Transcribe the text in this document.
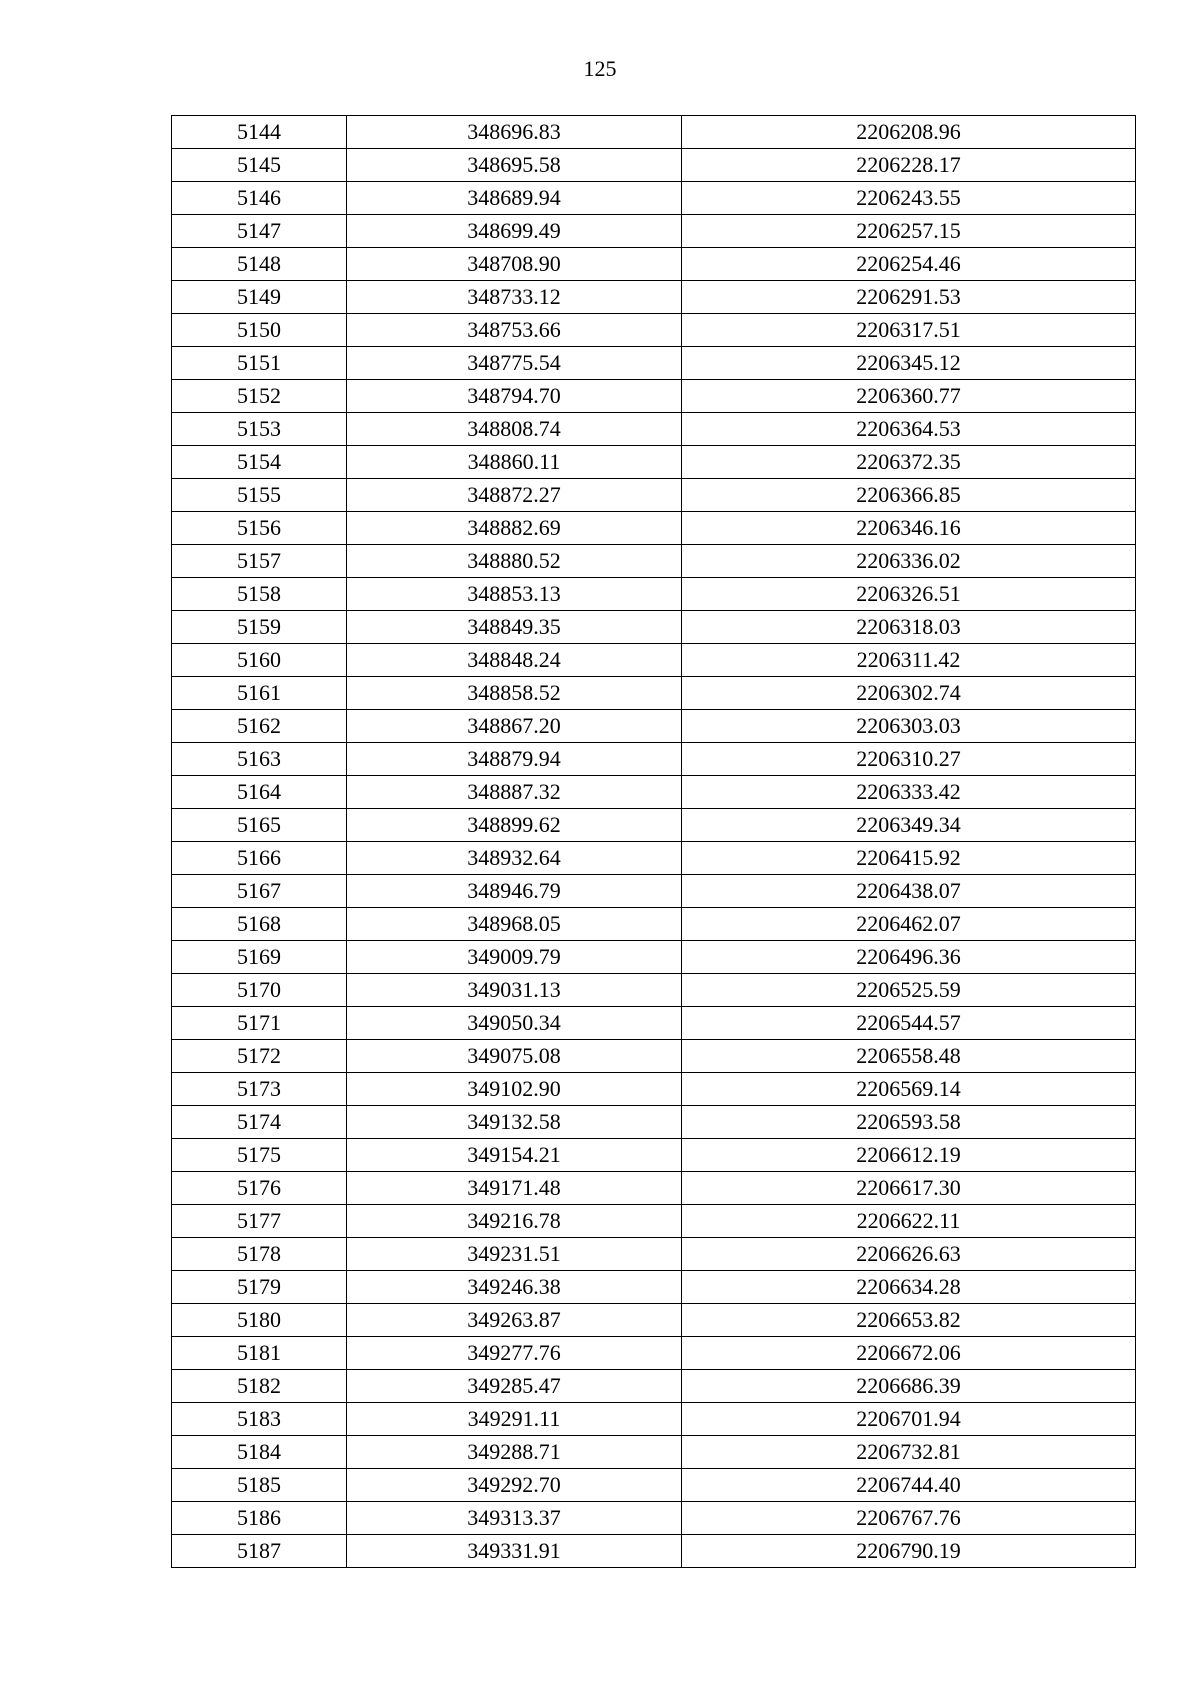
125
5144	348696.83	2206208.96
5145	348695.58	2206228.17
5146	348689.94	2206243.55
5147	348699.49	2206257.15
5148	348708.90	2206254.46
5149	348733.12	2206291.53
5150	348753.66	2206317.51
5151	348775.54	2206345.12
5152	348794.70	2206360.77
5153	348808.74	2206364.53
5154	348860.11	2206372.35
5155	348872.27	2206366.85
5156	348882.69	2206346.16
5157	348880.52	2206336.02
5158	348853.13	2206326.51
5159	348849.35	2206318.03
5160	348848.24	2206311.42
5161	348858.52	2206302.74
5162	348867.20	2206303.03
5163	348879.94	2206310.27
5164	348887.32	2206333.42
5165	348899.62	2206349.34
5166	348932.64	2206415.92
5167	348946.79	2206438.07
5168	348968.05	2206462.07
5169	349009.79	2206496.36
5170	349031.13	2206525.59
5171	349050.34	2206544.57
5172	349075.08	2206558.48
5173	349102.90	2206569.14
5174	349132.58	2206593.58
5175	349154.21	2206612.19
5176	349171.48	2206617.30
5177	349216.78	2206622.11
5178	349231.51	2206626.63
5179	349246.38	2206634.28
5180	349263.87	2206653.82
5181	349277.76	2206672.06
5182	349285.47	2206686.39
5183	349291.11	2206701.94
5184	349288.71	2206732.81
5185	349292.70	2206744.40
5186	349313.37	2206767.76
5187	349331.91	2206790.19
